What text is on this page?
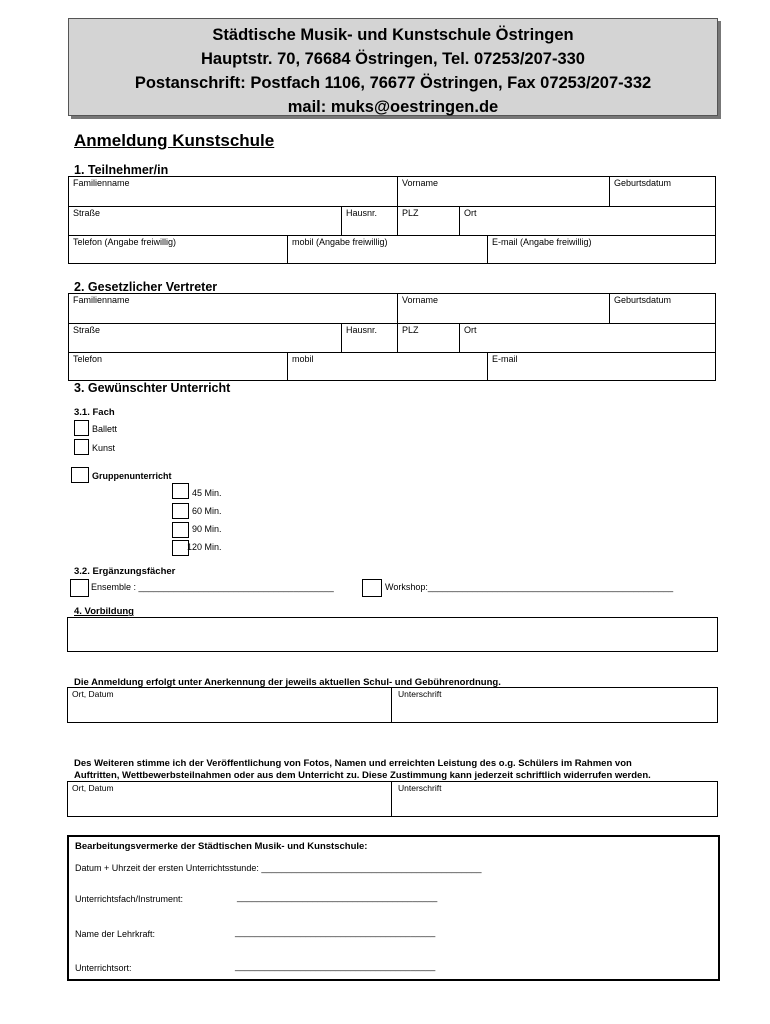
Städtische Musik- und Kunstschule Östringen
Hauptstr. 70, 76684 Östringen, Tel. 07253/207-330
Postanschrift: Postfach 1106, 76677 Östringen, Fax 07253/207-332
mail: muks@oestringen.de
Anmeldung Kunstschule
1. Teilnehmer/in
Familienname	Vorname	Geburtsdatum
Straße	Hausnr.	PLZ	Ort
Telefon (Angabe freiwillig)	mobil (Angabe freiwillig)	E-mail (Angabe freiwillig)
2. Gesetzlicher Vertreter
Familienname	Vorname	Geburtsdatum
Straße	Hausnr.	PLZ	Ort
Telefon	mobil	E-mail
3. Gewünschter Unterricht
3.1. Fach
Ballett
Kunst
Gruppenunterricht
45 Min.
60 Min.
90 Min.
120 Min.
3.2. Ergänzungsfächer
Ensemble : _______________________________________	Workshop:_________________________________________________
4. Vorbildung
Die Anmeldung erfolgt unter Anerkennung der jeweils aktuellen Schul- und Gebührenordnung.
Ort, Datum	Unterschrift
Des Weiteren stimme ich der Veröffentlichung von Fotos, Namen und erreichten Leistung des o.g. Schülers im Rahmen von
Auftritten, Wettbewerbsteilnahmen oder aus dem Unterricht zu. Diese Zustimmung kann jederzeit schriftlich widerrufen werden.
Ort, Datum	Unterschrift
Bearbeitungsvermerke der Städtischen Musik- und Kunstschule:
Datum + Uhrzeit der ersten Unterrichtsstunde: ____________________________________________
Unterrichtsfach/Instrument:	________________________________________
Name der Lehrkraft:	________________________________________
Unterrichtsort:	________________________________________
